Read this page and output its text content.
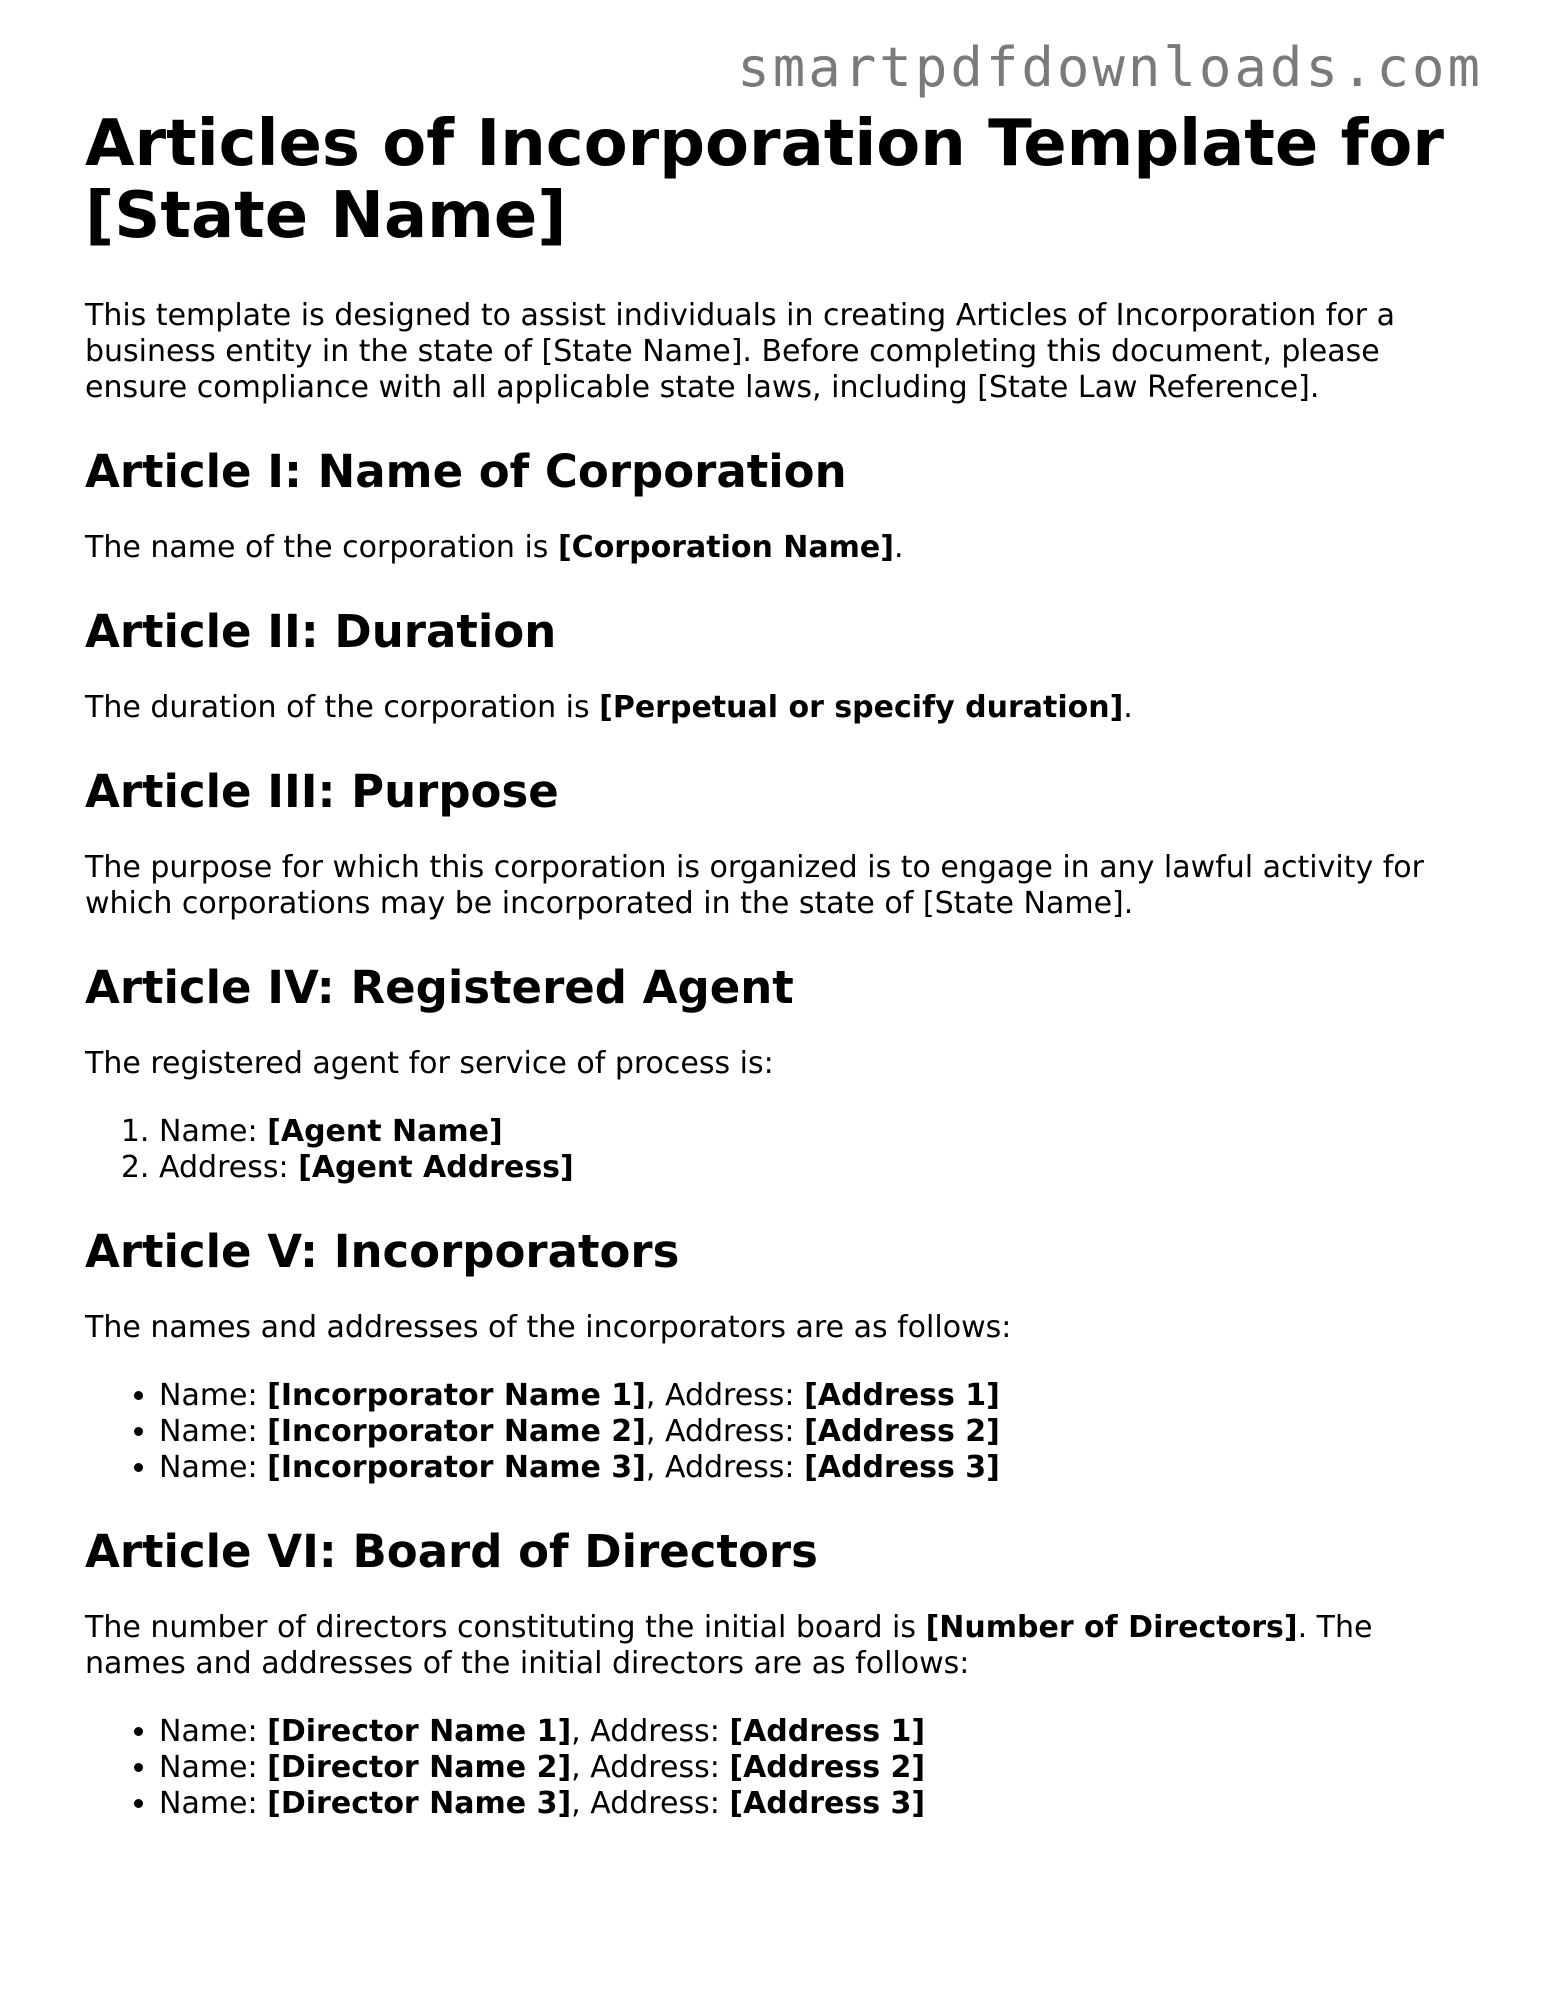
smartpdfdownloads.com

Articles of Incorporation Template for [State Name]

This template is designed to assist individuals in creating Articles of Incorporation for a business entity in the state of [State Name]. Before completing this document, please ensure compliance with all applicable state laws, including [State Law Reference].

Article I: Name of Corporation

The name of the corporation is [Corporation Name].

Article II: Duration

The duration of the corporation is [Perpetual or specify duration].

Article III: Purpose

The purpose for which this corporation is organized is to engage in any lawful activity for which corporations may be incorporated in the state of [State Name].

Article IV: Registered Agent

The registered agent for service of process is:

1. Name: [Agent Name]
2. Address: [Agent Address]
Article V: Incorporators

The names and addresses of the incorporators are as follows:

• Name: [Incorporator Name 1], Address: [Address 1]
• Name: [Incorporator Name 2], Address: [Address 2]
• Name: [Incorporator Name 3], Address: [Address 3]
Article VI: Board of Directors

The number of directors constituting the initial board is [Number of Directors]. The names and addresses of the initial directors are as follows:

• Name: [Director Name 1], Address: [Address 1]
• Name: [Director Name 2], Address: [Address 2]
• Name: [Director Name 3], Address: [Address 3]
